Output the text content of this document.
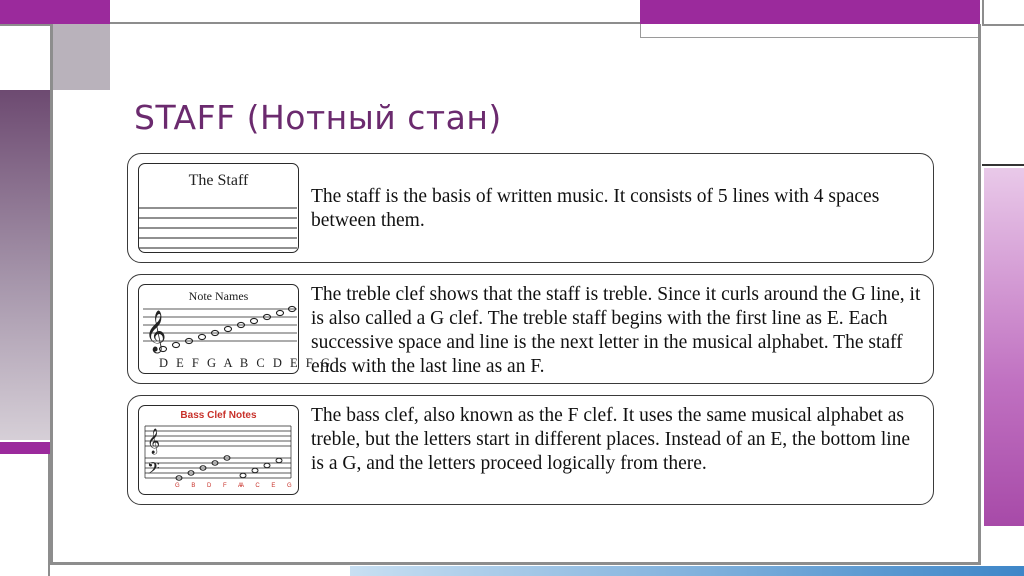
STAFF (Нотный стан)
The Staff
The staff is the basis of written music. It consists of 5 lines with 4 spaces between them.
Note Names
𝄞
D E F G A B C D E F G
The treble clef shows that the staff is treble. Since it curls around the G line, it is also called a G clef. The treble staff begins with the first line as E. Each successive space and line is the next letter in the musical alphabet. The staff ends with the last line as an F.
Bass Clef Notes
𝄞
𝄢
G B D F A
A C E G
The bass clef, also known as the F clef. It uses the same musical alphabet as treble, but the letters start in different places. Instead of an E, the bottom line is a G, and the letters proceed logically from there.
